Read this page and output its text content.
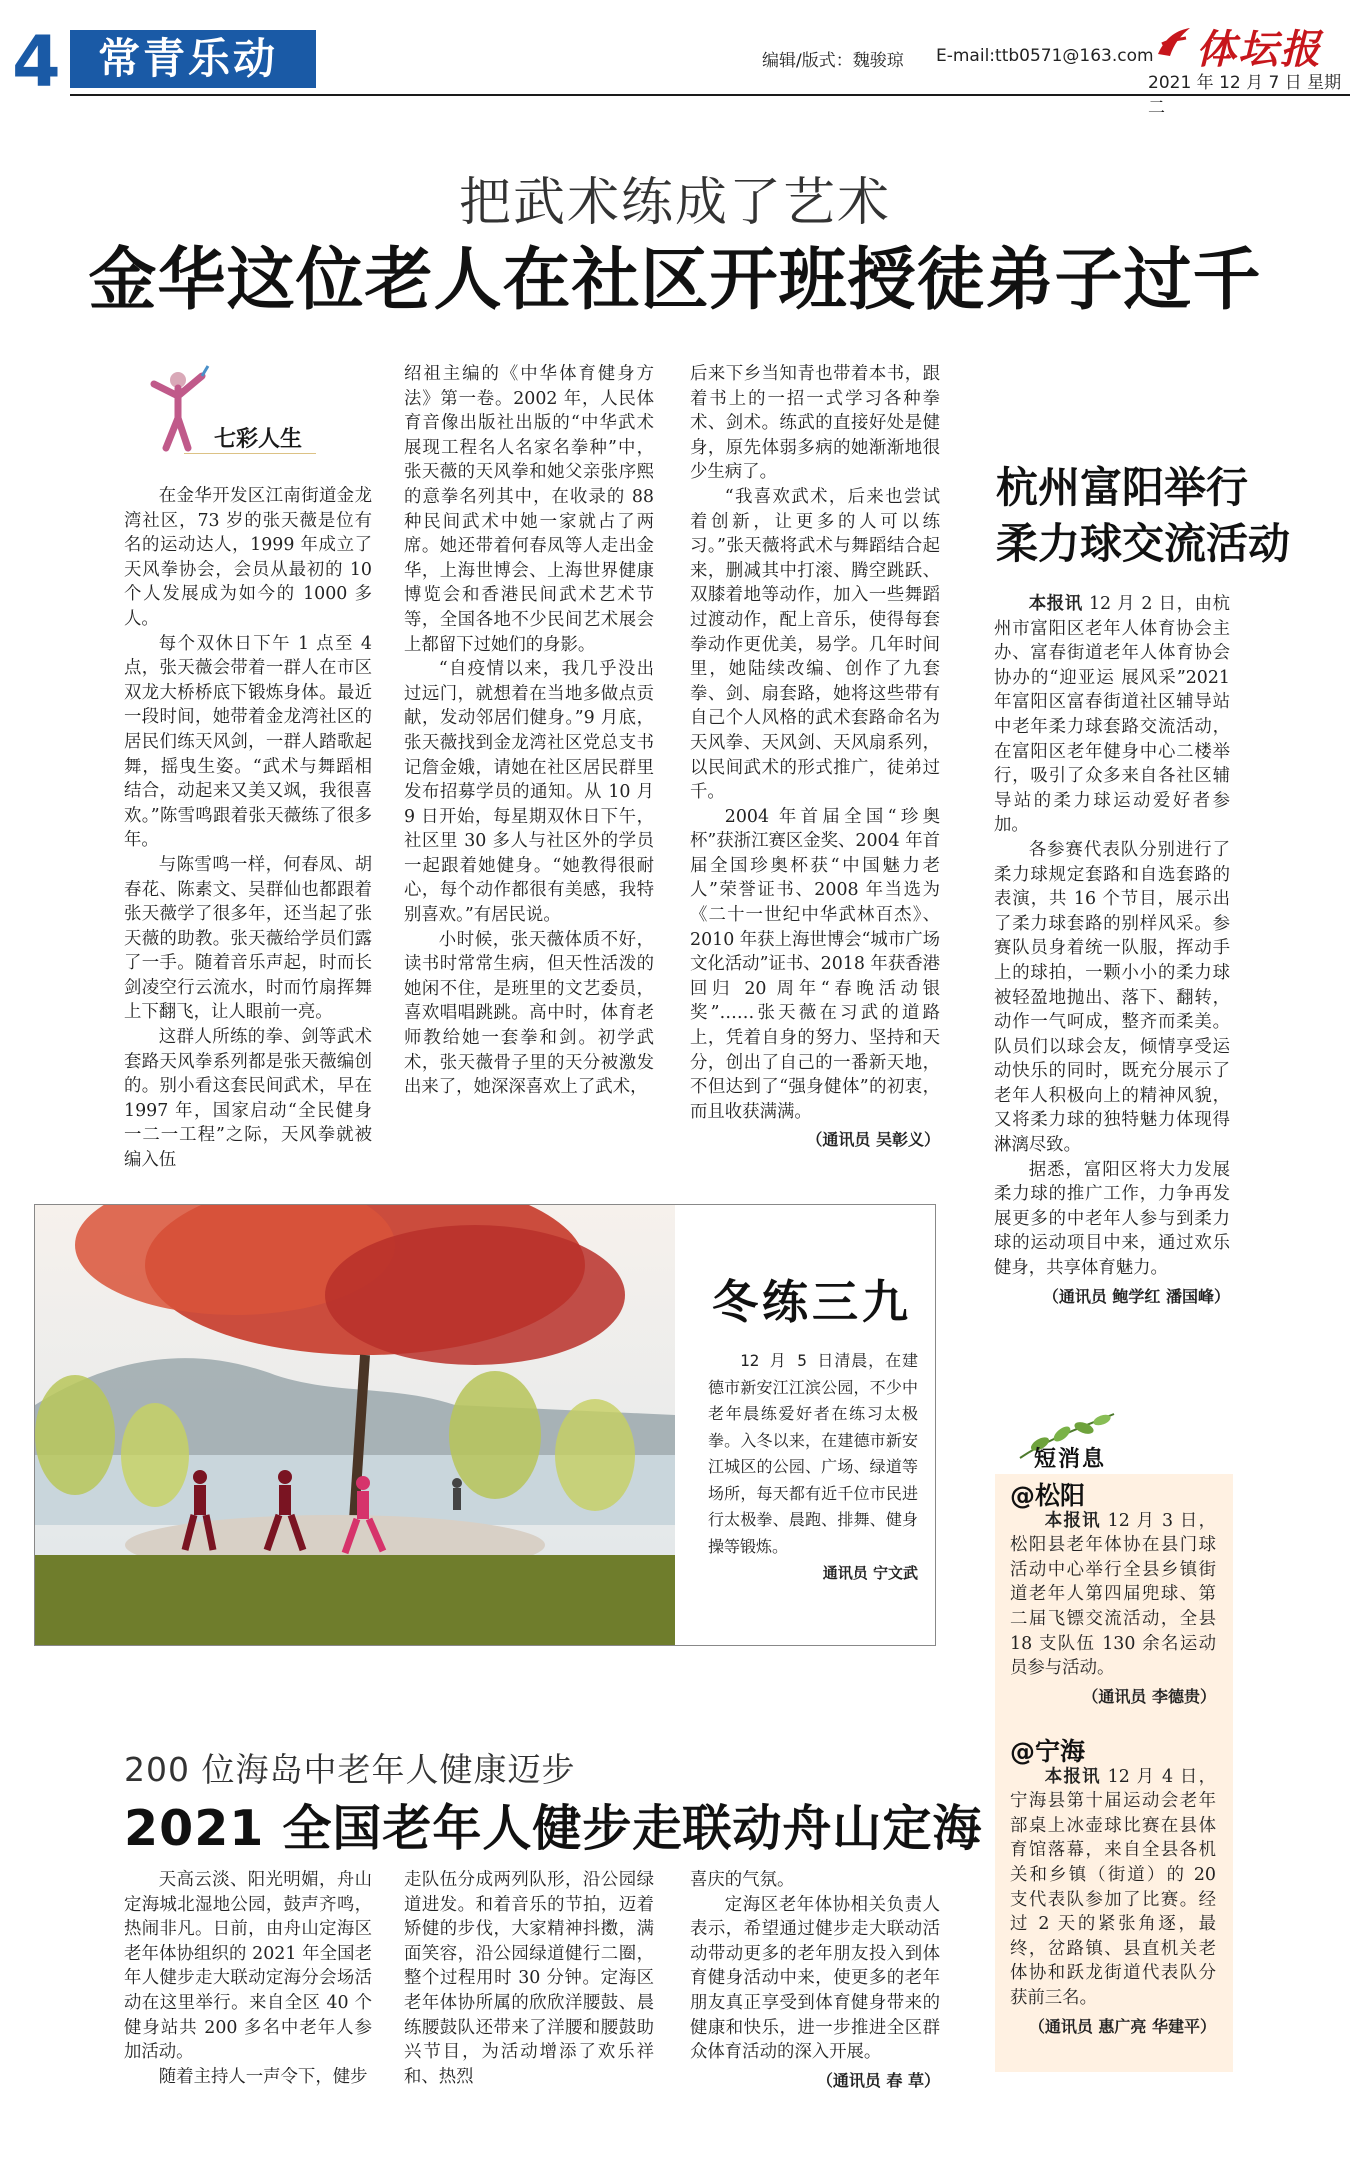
4 常青乐动	编辑/版式：魏骏琼 E-mail:ttb0571@163.com 体坛报
2021 年 12 月 7 日 星期二
把武术练成了艺术
金华这位老人在社区开班授徒弟子过千
七彩人生

在金华开发区江南街道金龙湾社区，73 岁的张天薇是位有名的运动达人，1999 年成立了天风拳协会，会员从最初的 10 个人发展成为如今的 1000 多人。

每个双休日下午 1 点至 4 点，张天薇会带着一群人在市区双龙大桥桥底下锻炼身体。最近一段时间，她带着金龙湾社区的居民们练天风剑，一群人踏歌起舞，摇曳生姿。“武术与舞蹈相结合，动起来又美又飒，我很喜欢。”陈雪鸣跟着张天薇练了很多年。

与陈雪鸣一样，何春凤、胡春花、陈素文、吴群仙也都跟着张天薇学了很多年，还当起了张天薇的助教。张天薇给学员们露了一手。随着音乐声起，时而长剑凌空行云流水，时而竹扇挥舞上下翻飞，让人眼前一亮。

这群人所练的拳、剑等武术套路天风拳系列都是张天薇编创的。别小看这套民间武术，早在 1997 年，国家启动“全民健身一二一工程”之际，天风拳就被编入伍

绍祖主编的《中华体育健身方法》第一卷。2002 年，人民体育音像出版社出版的“中华武术展现工程名人名家名拳种”中，张天薇的天风拳和她父亲张序熙的意拳名列其中，在收录的 88 种民间武术中她一家就占了两席。她还带着何春凤等人走出金华，上海世博会、上海世界健康博览会和香港民间武术艺术节等，全国各地不少民间艺术展会上都留下过她们的身影。

“自疫情以来，我几乎没出过远门，就想着在当地多做点贡献，发动邻居们健身。”9 月底，张天薇找到金龙湾社区党总支书记詹金娥，请她在社区居民群里发布招募学员的通知。从 10 月 9 日开始，每星期双休日下午，社区里 30 多人与社区外的学员一起跟着她健身。“她教得很耐心，每个动作都很有美感，我特别喜欢。”有居民说。

小时候，张天薇体质不好，读书时常常生病，但天性活泼的她闲不住，是班里的文艺委员，喜欢唱唱跳跳。高中时，体育老师教给她一套拳和剑。初学武术，张天薇骨子里的天分被激发出来了，她深深喜欢上了武术，

后来下乡当知青也带着本书，跟着书上的一招一式学习各种拳术、剑术。练武的直接好处是健身，原先体弱多病的她渐渐地很少生病了。

“我喜欢武术，后来也尝试着创新，让更多的人可以练习。”张天薇将武术与舞蹈结合起来，删减其中打滚、腾空跳跃、双膝着地等动作，加入一些舞蹈过渡动作，配上音乐，使得每套拳动作更优美，易学。几年时间里，她陆续改编、创作了九套拳、剑、扇套路，她将这些带有自己个人风格的武术套路命名为天风拳、天风剑、天风扇系列，以民间武术的形式推广，徒弟过千。

2004 年首届全国“珍奥杯”获浙江赛区金奖、2004 年首届全国珍奥杯获“中国魅力老人”荣誉证书、2008 年当选为《二十一世纪中华武林百杰》、2010 年获上海世博会“城市广场文化活动”证书、2018 年获香港回归 20 周年“春晚活动银奖”……张天薇在习武的道路上，凭着自身的努力、坚持和天分，创出了自己的一番新天地，不但达到了“强身健体”的初衷，而且收获满满。

（通讯员 吴彰义）
杭州富阳举行
柔力球交流活动

本报讯 12 月 2 日，由杭州市富阳区老年人体育协会主办、富春街道老年人体育协会协办的“迎亚运 展风采”2021 年富阳区富春街道社区辅导站中老年柔力球套路交流活动，在富阳区老年健身中心二楼举行，吸引了众多来自各社区辅导站的柔力球运动爱好者参加。

各参赛代表队分别进行了柔力球规定套路和自选套路的表演，共 16 个节目，展示出了柔力球套路的别样风采。参赛队员身着统一队服，挥动手上的球拍，一颗小小的柔力球被轻盈地抛出、落下、翻转，动作一气呵成，整齐而柔美。队员们以球会友，倾情享受运动快乐的同时，既充分展示了老年人积极向上的精神风貌，又将柔力球的独特魅力体现得淋漓尽致。

据悉，富阳区将大力发展柔力球的推广工作，力争再发展更多的中老年人参与到柔力球的运动项目中来，通过欢乐健身，共享体育魅力。

（通讯员 鲍学红 潘国峰）
冬练三九
12 月 5 日清晨，在建德市新安江江滨公园，不少中老年晨练爱好者在练习太极拳。入冬以来，在建德市新安江城区的公园、广场、绿道等场所，每天都有近千位市民进行太极拳、晨跑、排舞、健身操等锻炼。
通讯员 宁文武
短消息
@松阳

本报讯 12 月 3 日，松阳县老年体协在县门球活动中心举行全县乡镇街道老年人第四届兜球、第二届飞镖交流活动，全县 18 支队伍 130 余名运动员参与活动。

（通讯员 李德贵）
@宁海

本报讯 12 月 4 日，宁海县第十届运动会老年部桌上冰壶球比赛在县体育馆落幕，来自全县各机关和乡镇（街道）的 20 支代表队参加了比赛。经过 2 天的紧张角逐，最终，岔路镇、县直机关老体协和跃龙街道代表队分获前三名。

（通讯员 惠广亮 华建平）
200 位海岛中老年人健康迈步
2021 全国老年人健步走联动舟山定海

天高云淡、阳光明媚，舟山定海城北湿地公园，鼓声齐鸣，热闹非凡。日前，由舟山定海区老年体协组织的 2021 年全国老年人健步走大联动定海分会场活动在这里举行。来自全区 40 个健身站共 200 多名中老年人参加活动。

随着主持人一声令下，健步

走队伍分成两列队形，沿公园绿道进发。和着音乐的节拍，迈着矫健的步伐，大家精神抖擞，满面笑容，沿公园绿道健行二圈，整个过程用时 30 分钟。定海区老年体协所属的欣欣洋腰鼓、晨练腰鼓队还带来了洋腰和腰鼓助兴节目，为活动增添了欢乐祥和、热烈

喜庆的气氛。

定海区老年体协相关负责人表示，希望通过健步走大联动活动带动更多的老年朋友投入到体育健身活动中来，使更多的老年朋友真正享受到体育健身带来的健康和快乐，进一步推进全区群众体育活动的深入开展。

（通讯员 春 草）
